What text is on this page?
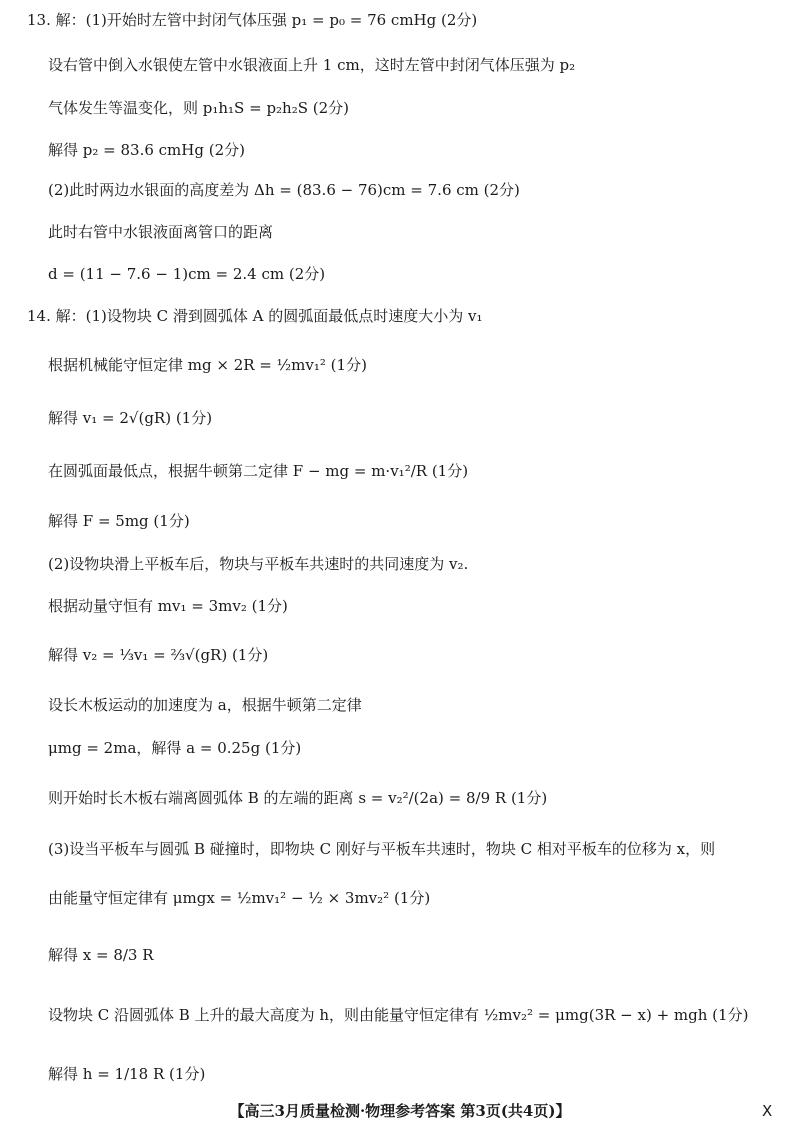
13. 解：(1)开始时左管中封闭气体压强 p₁ = p₀ = 76 cmHg (2分)
设右管中倒入水银使左管中水银液面上升 1 cm，这时左管中封闭气体压强为 p₂
气体发生等温变化，则 p₁h₁S = p₂h₂S (2分)
解得 p₂ = 83.6 cmHg (2分)
(2)此时两边水银面的高度差为 Δh = (83.6 − 76)cm = 7.6 cm (2分)
此时右管中水银液面离管口的距离
d = (11 − 7.6 − 1)cm = 2.4 cm (2分)
14. 解：(1)设物块 C 滑到圆弧体 A 的圆弧面最低点时速度大小为 v₁
根据机械能守恒定律 mg × 2R = ½mv₁² (1分)
解得 v₁ = 2√(gR) (1分)
在圆弧面最低点，根据牛顿第二定律 F − mg = m·v₁²/R (1分)
解得 F = 5mg (1分)
(2)设物块滑上平板车后，物块与平板车共速时的共同速度为 v₂.
根据动量守恒有 mv₁ = 3mv₂ (1分)
解得 v₂ = ⅓v₁ = ⅔√(gR) (1分)
设长木板运动的加速度为 a，根据牛顿第二定律
μmg = 2ma，解得 a = 0.25g (1分)
则开始时长木板右端离圆弧体 B 的左端的距离 s = v₂²/(2a) = 8/9 R (1分)
(3)设当平板车与圆弧 B 碰撞时，即物块 C 刚好与平板车共速时，物块 C 相对平板车的位移为 x，则
由能量守恒定律有 μmgx = ½mv₁² − ½ × 3mv₂² (1分)
解得 x = 8/3 R
设物块 C 沿圆弧体 B 上升的最大高度为 h，则由能量守恒定律有 ½mv₂² = μmg(3R − x) + mgh (1分)
解得 h = 1/18 R (1分)
【高三3月质量检测·物理参考答案 第3页(共4页)】	X
